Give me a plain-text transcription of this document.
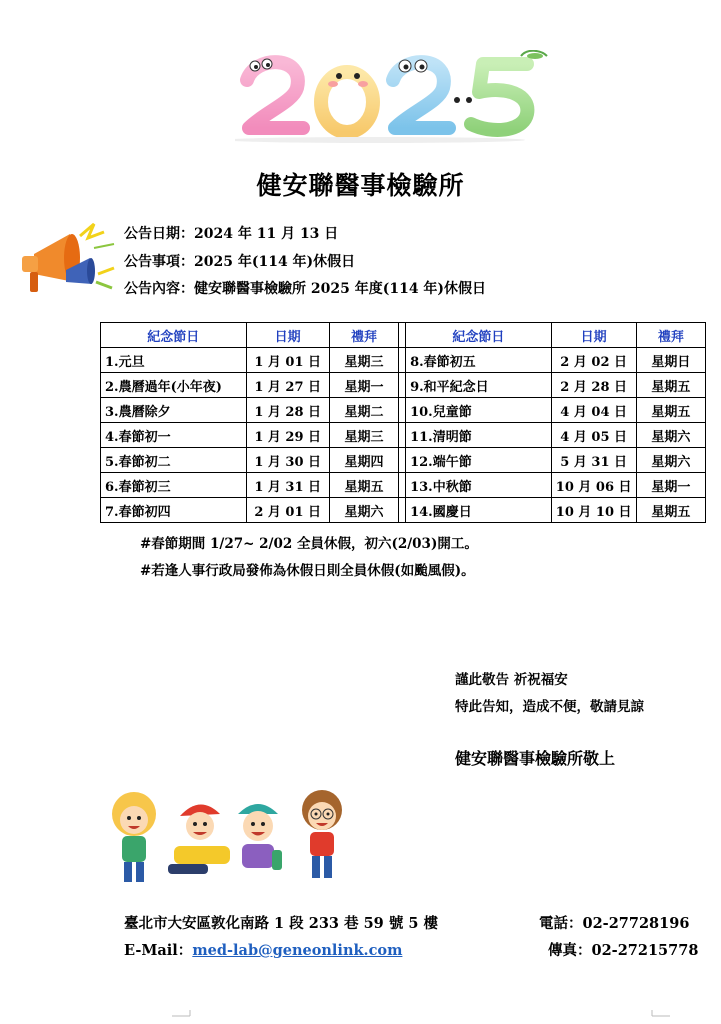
健安聯醫事檢驗所
公告日期：2024 年 11 月 13 日
公告事項：2025 年(114 年)休假日
公告內容：健安聯醫事檢驗所 2025 年度(114 年)休假日
紀念節日	日期	禮拜		紀念節日	日期	禮拜
1.元旦	1 月 01 日	星期三		8.春節初五	2 月 02 日	星期日
2.農曆過年(小年夜)	1 月 27 日	星期一		9.和平紀念日	2 月 28 日	星期五
3.農曆除夕	1 月 28 日	星期二		10.兒童節	4 月 04 日	星期五
4.春節初一	1 月 29 日	星期三		11.清明節	4 月 05 日	星期六
5.春節初二	1 月 30 日	星期四		12.端午節	5 月 31 日	星期六
6.春節初三	1 月 31 日	星期五		13.中秋節	10 月 06 日	星期一
7.春節初四	2 月 01 日	星期六		14.國慶日	10 月 10 日	星期五
#春節期間 1/27~ 2/02 全員休假，初六(2/03)開工。
#若逢人事行政局發佈為休假日則全員休假(如颱風假)。
謹此敬告 祈祝福安
特此告知，造成不便，敬請見諒
健安聯醫事檢驗所敬上
臺北市大安區敦化南路 1 段 233 巷 59 號 5 樓	電話：02-27728196
E-Mail：med-lab@geneonlink.com	傳真：02-27215778
